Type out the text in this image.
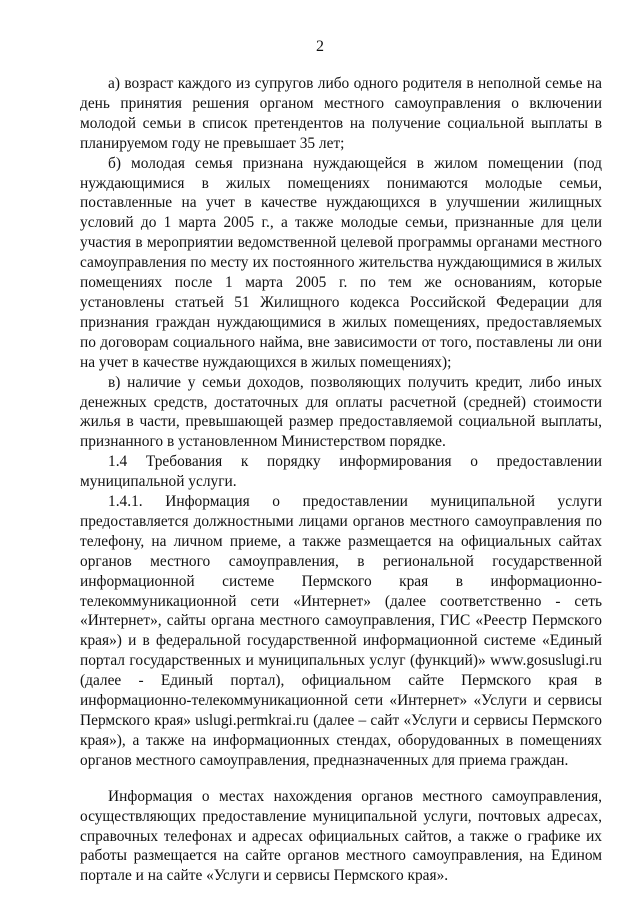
2

а) возраст каждого из супругов либо одного родителя в неполной семье на день принятия решения органом местного самоуправления о включении молодой семьи в список претендентов на получение социальной выплаты в планируемом году не превышает 35 лет;

б) молодая семья признана нуждающейся в жилом помещении (под нуждающимися в жилых помещениях понимаются молодые семьи, поставленные на учет в качестве нуждающихся в улучшении жилищных условий до 1 марта 2005 г., а также молодые семьи, признанные для цели участия в мероприятии ведомственной целевой программы органами местного самоуправления по месту их постоянного жительства нуждающимися в жилых помещениях после 1 марта 2005 г. по тем же основаниям, которые установлены статьей 51 Жилищного кодекса Российской Федерации для признания граждан нуждающимися в жилых помещениях, предоставляемых по договорам социального найма, вне зависимости от того, поставлены ли они на учет в качестве нуждающихся в жилых помещениях);

в) наличие у семьи доходов, позволяющих получить кредит, либо иных денежных средств, достаточных для оплаты расчетной (средней) стоимости жилья в части, превышающей размер предоставляемой социальной выплаты, признанного в установленном Министерством порядке.

1.4 Требования к порядку информирования о предоставлении муниципальной услуги.

1.4.1. Информация о предоставлении муниципальной услуги предоставляется должностными лицами органов местного самоуправления по телефону, на личном приеме, а также размещается на официальных сайтах органов местного самоуправления, в региональной государственной информационной системе Пермского края в информационно-телекоммуникационной сети «Интернет» (далее соответственно - сеть «Интернет», сайты органа местного самоуправления, ГИС «Реестр Пермского края») и в федеральной государственной информационной системе «Единый портал государственных и муниципальных услуг (функций)» www.gosuslugi.ru (далее - Единый портал), официальном сайте Пермского края в информационно-телекоммуникационной сети «Интернет» «Услуги и сервисы Пермского края» uslugi.permkrai.ru (далее – сайт «Услуги и сервисы Пермского края»), а также на информационных стендах, оборудованных в помещениях органов местного самоуправления, предназначенных для приема граждан.

Информация о местах нахождения органов местного самоуправления, осуществляющих предоставление муниципальной услуги, почтовых адресах, справочных телефонах и адресах официальных сайтов, а также о графике их работы размещается на сайте органов местного самоуправления, на Едином портале и на сайте «Услуги и сервисы Пермского края».
